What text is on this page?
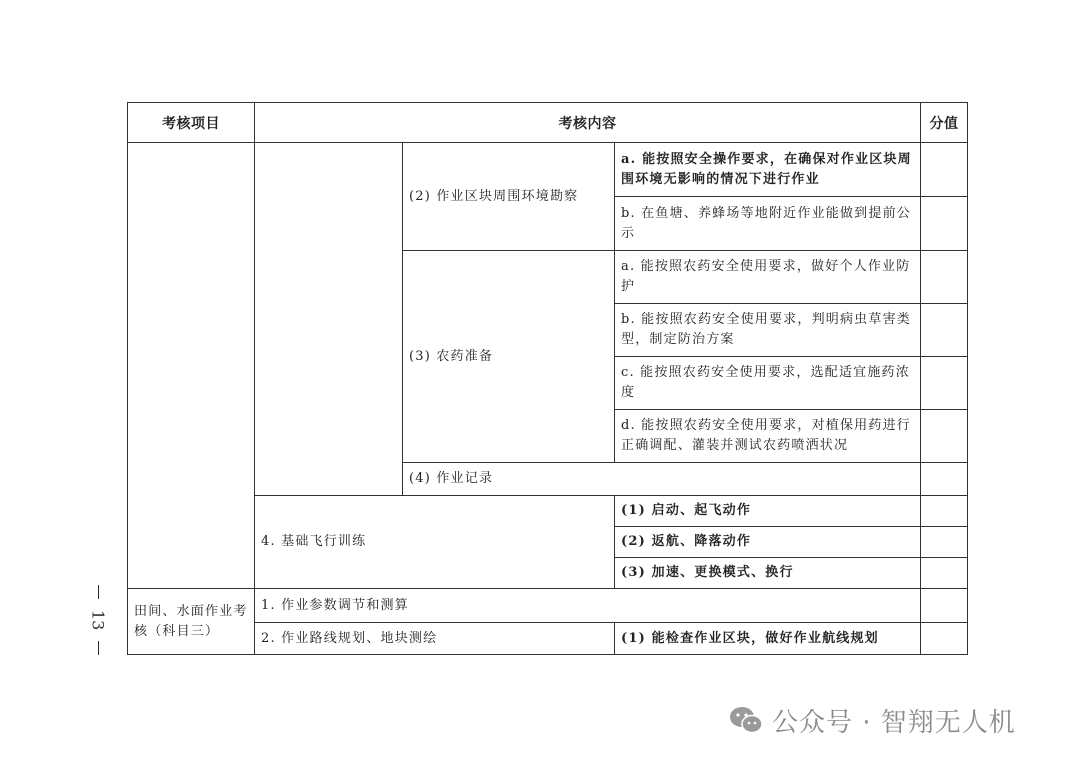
考核项目	考核内容			分值
		(2) 作业区块周围环境勘察	a. 能按照安全操作要求，在确保对作业区块周围环境无影响的情况下进行作业	
			b. 在鱼塘、养蜂场等地附近作业能做到提前公示	
		(3) 农药准备	a. 能按照农药安全使用要求，做好个人作业防护	
			b. 能按照农药安全使用要求，判明病虫草害类型，制定防治方案	
			c. 能按照农药安全使用要求，选配适宜施药浓度	
			d. 能按照农药安全使用要求，对植保用药进行正确调配、灌装并测试农药喷洒状况	
		(4) 作业记录		
	4. 基础飞行训练		(1) 启动、起飞动作	
			(2) 返航、降落动作	
			(3) 加速、更换模式、换行	
田间、水面作业考核（科目三）	1. 作业参数调节和测算			
	2. 作业路线规划、地块测绘		(1) 能检查作业区块，做好作业航线规划	
13
公众号 · 智翔无人机
